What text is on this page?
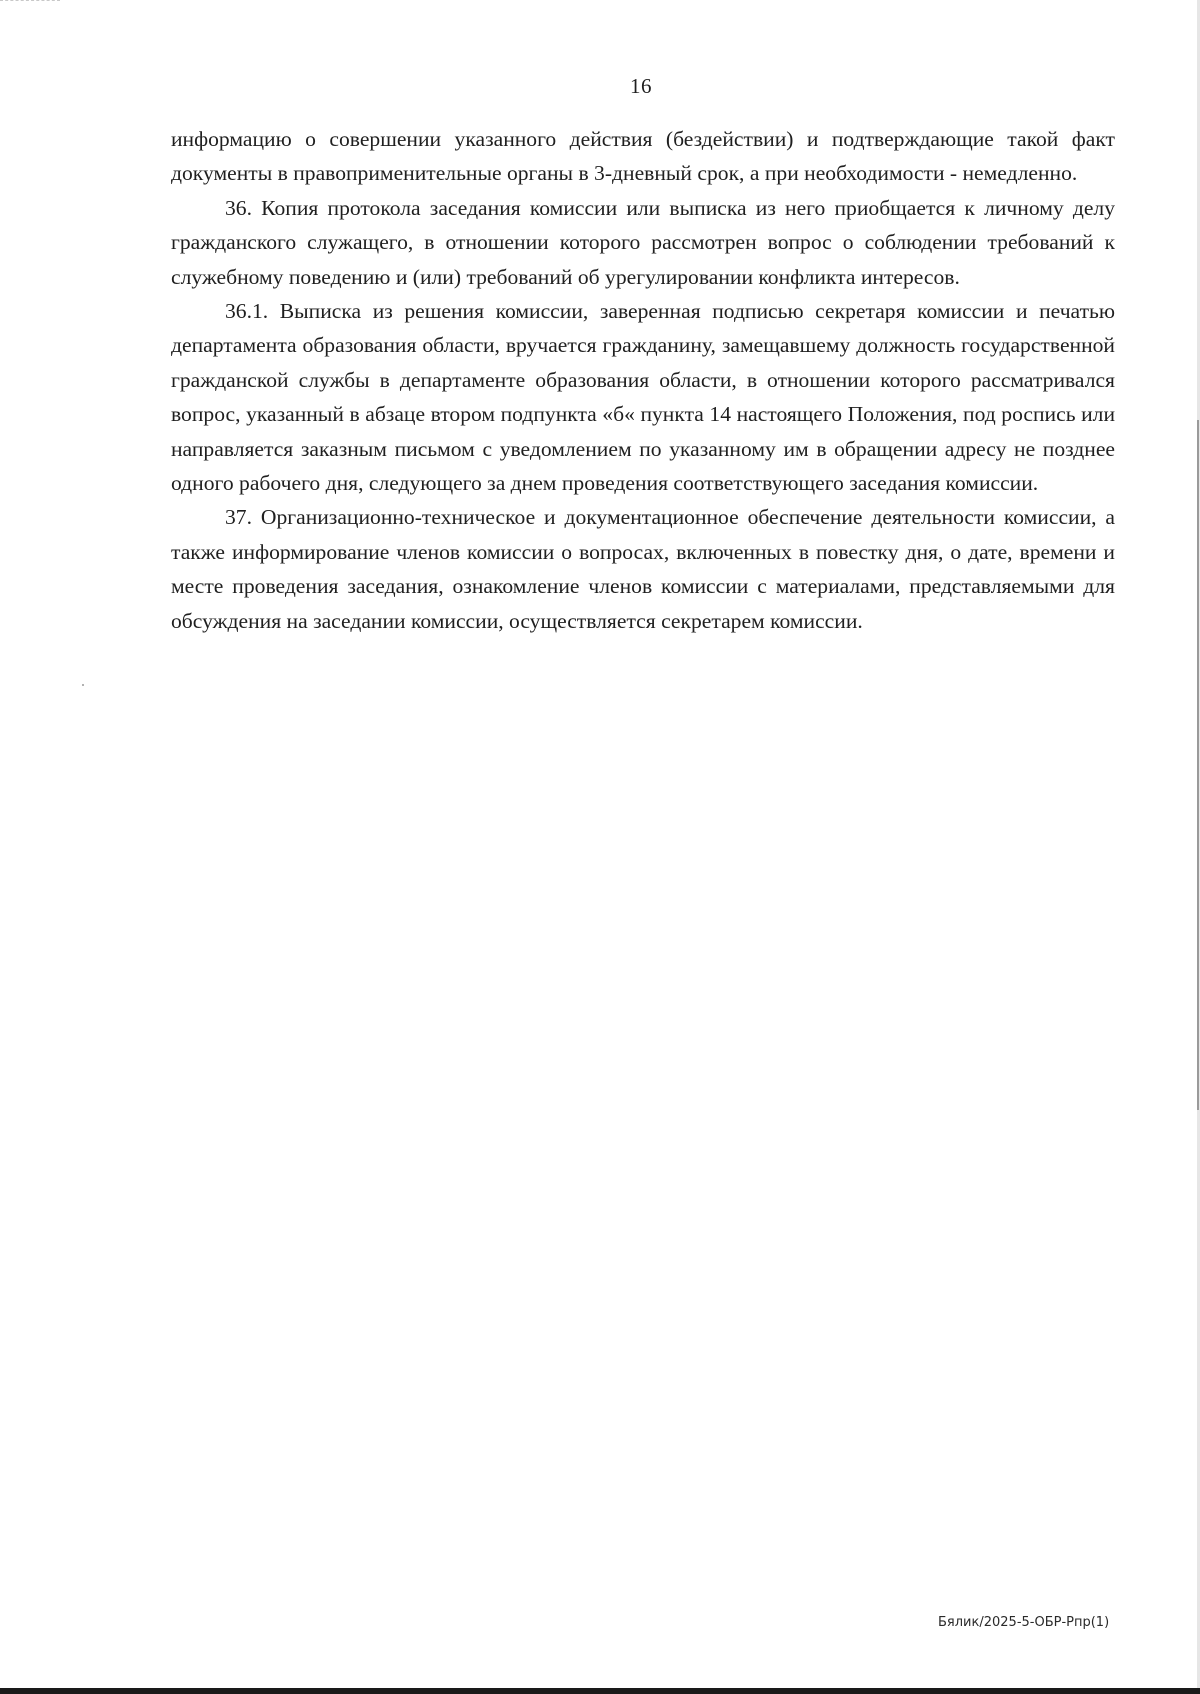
16

информацию о совершении указанного действия (бездействии) и подтверждающие такой факт документы в правоприменительные органы в 3-дневный срок, а при необходимости - немедленно.

36. Копия протокола заседания комиссии или выписка из него приобщается к личному делу гражданского служащего, в отношении которого рассмотрен вопрос о соблюдении требований к служебному поведению и (или) требований об урегулировании конфликта интересов.

36.1. Выписка из решения комиссии, заверенная подписью секретаря комиссии и печатью департамента образования области, вручается гражданину, замещавшему должность государственной гражданской службы в департаменте образования области, в отношении которого рассматривался вопрос, указанный в абзаце втором подпункта «б« пункта 14 настоящего Положения, под роспись или направляется заказным письмом с уведомлением по указанному им в обращении адресу не позднее одного рабочего дня, следующего за днем проведения соответствующего заседания комиссии.

37. Организационно-техническое и документационное обеспечение деятельности комиссии, а также информирование членов комиссии о вопросах, включенных в повестку дня, о дате, времени и месте проведения заседания, ознакомление членов комиссии с материалами, представляемыми для обсуждения на заседании комиссии, осуществляется секретарем комиссии.

Бялик/2025-5-ОБР-Рпр(1)
